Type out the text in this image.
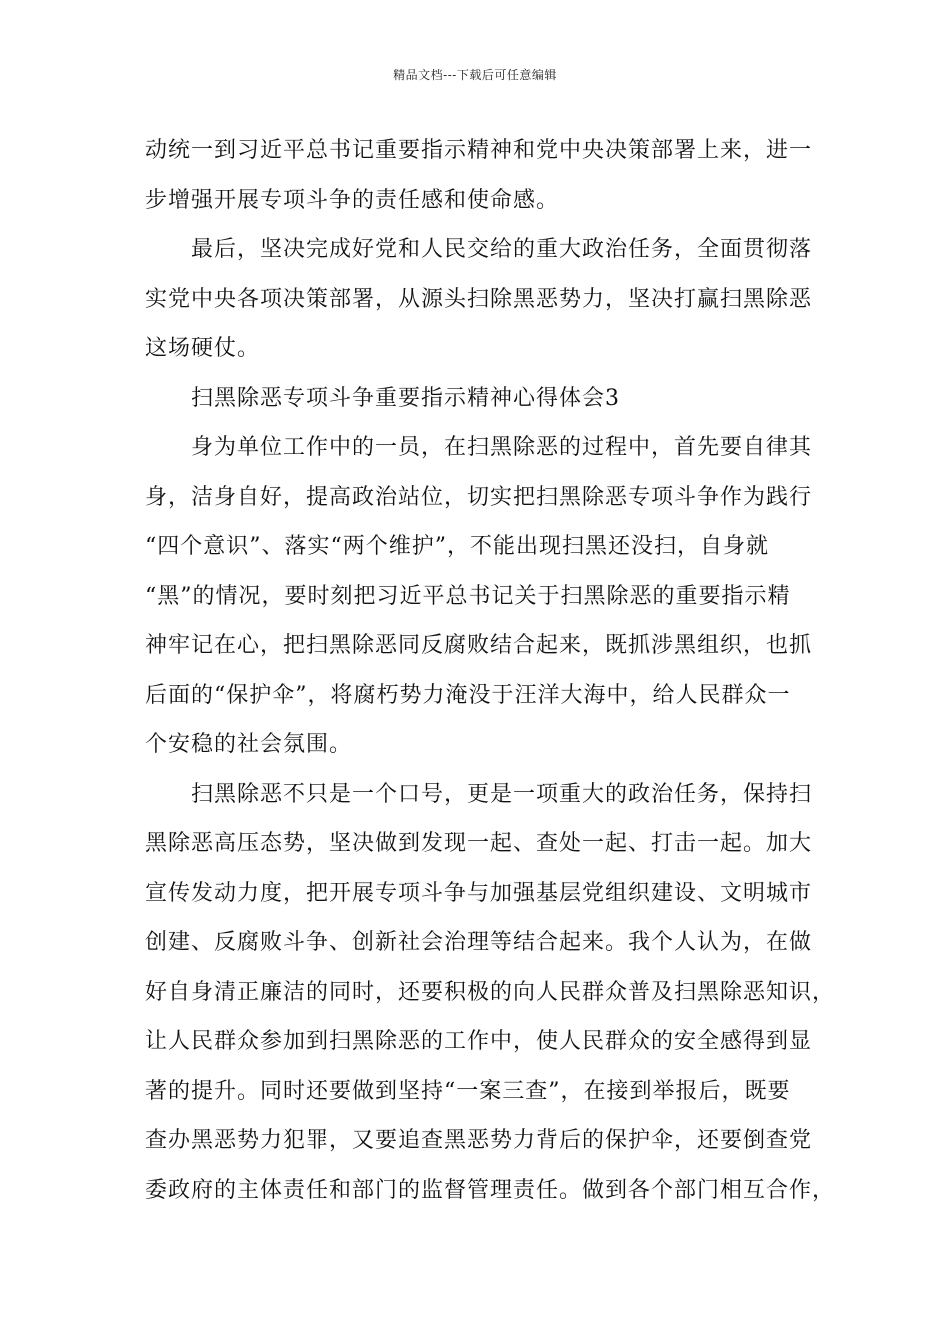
精品文档---下载后可任意编辑
动统一到习近平总书记重要指示精神和党中央决策部署上来，进一
步增强开展专项斗争的责任感和使命感。
最后，坚决完成好党和人民交给的重大政治任务，全面贯彻落
实党中央各项决策部署，从源头扫除黑恶势力，坚决打赢扫黑除恶
这场硬仗。
扫黑除恶专项斗争重要指示精神心得体会3
身为单位工作中的一员，在扫黑除恶的过程中，首先要自律其
身，洁身自好，提高政治站位，切实把扫黑除恶专项斗争作为践行
“四个意识”、落实“两个维护”，不能出现扫黑还没扫，自身就
“黑”的情况，要时刻把习近平总书记关于扫黑除恶的重要指示精
神牢记在心，把扫黑除恶同反腐败结合起来，既抓涉黑组织，也抓
后面的“保护伞”，将腐朽势力淹没于汪洋大海中，给人民群众一
个安稳的社会氛围。
扫黑除恶不只是一个口号，更是一项重大的政治任务，保持扫
黑除恶高压态势，坚决做到发现一起、查处一起、打击一起。加大
宣传发动力度，把开展专项斗争与加强基层党组织建设、文明城市
创建、反腐败斗争、创新社会治理等结合起来。我个人认为，在做
好自身清正廉洁的同时，还要积极的向人民群众普及扫黑除恶知识，
让人民群众参加到扫黑除恶的工作中，使人民群众的安全感得到显
著的提升。同时还要做到坚持“一案三查”，在接到举报后，既要
查办黑恶势力犯罪，又要追查黑恶势力背后的保护伞，还要倒查党
委政府的主体责任和部门的监督管理责任。做到各个部门相互合作，
